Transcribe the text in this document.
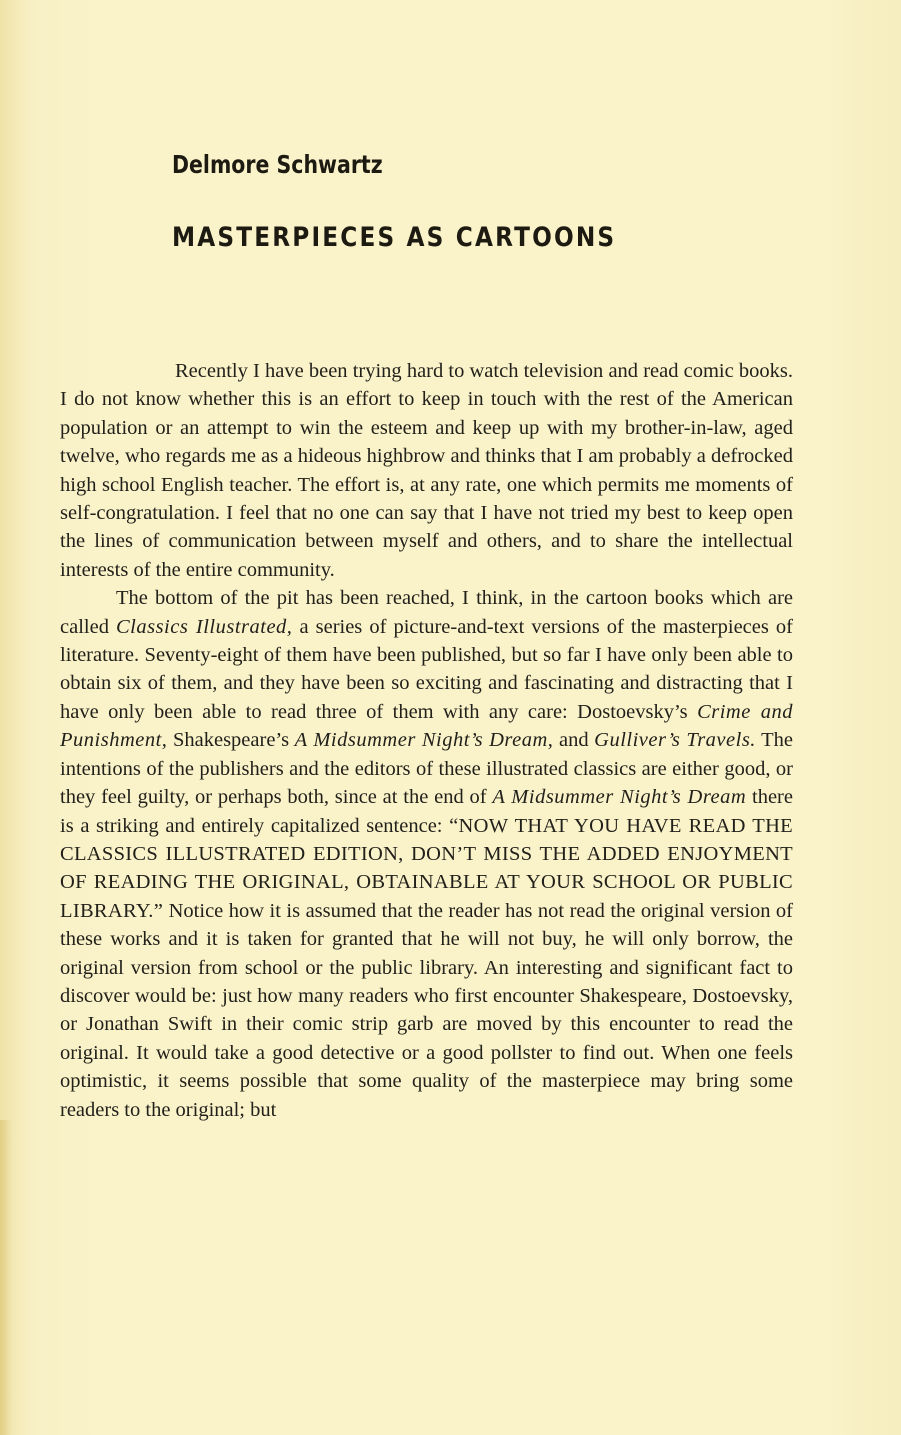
Delmore Schwartz
MASTERPIECES AS CARTOONS

Recently I have been trying hard to watch television and read comic books. I do not know whether this is an effort to keep in touch with the rest of the American population or an attempt to win the esteem and keep up with my brother-in-law, aged twelve, who regards me as a hideous highbrow and thinks that I am probably a defrocked high school English teacher. The effort is, at any rate, one which permits me moments of self-congratulation. I feel that no one can say that I have not tried my best to keep open the lines of communication between myself and others, and to share the intellectual interests of the entire community.

The bottom of the pit has been reached, I think, in the cartoon books which are called Classics Illustrated, a series of picture-and-text versions of the masterpieces of literature. Seventy-eight of them have been published, but so far I have only been able to obtain six of them, and they have been so exciting and fascinating and distracting that I have only been able to read three of them with any care: Dostoevsky’s Crime and Punishment, Shakespeare’s A Midsummer Night’s Dream, and Gulliver’s Travels. The intentions of the publishers and the editors of these illustrated classics are either good, or they feel guilty, or perhaps both, since at the end of A Midsummer Night’s Dream there is a striking and entirely capitalized sentence: “NOW THAT YOU HAVE READ THE CLASSICS ILLUSTRATED EDITION, DON’T MISS THE ADDED ENJOYMENT OF READING THE ORIGINAL, OBTAINABLE AT YOUR SCHOOL OR PUBLIC LIBRARY.” Notice how it is assumed that the reader has not read the original version of these works and it is taken for granted that he will not buy, he will only borrow, the original version from school or the public library. An interesting and significant fact to discover would be: just how many readers who first encounter Shakespeare, Dostoevsky, or Jonathan Swift in their comic strip garb are moved by this encounter to read the original. It would take a good detective or a good pollster to find out. When one feels optimistic, it seems possible that some quality of the masterpiece may bring some readers to the original; but
